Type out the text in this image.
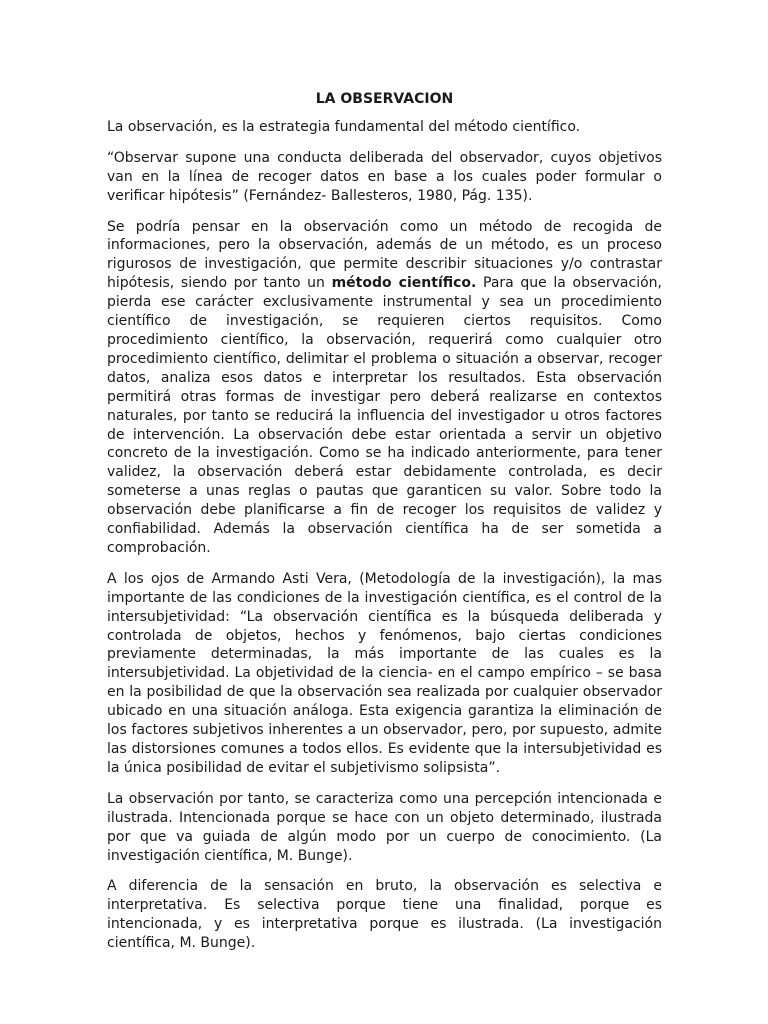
LA OBSERVACION

La observación, es la estrategia fundamental del método científico.

“Observar supone una conducta deliberada del observador, cuyos objetivos van en la línea de recoger datos en base a los cuales poder formular o verificar hipótesis” (Fernández- Ballesteros, 1980, Pág. 135).

Se podría pensar en la observación como un método de recogida de informaciones, pero la observación, además de un método, es un proceso rigurosos de investigación, que permite describir situaciones y/o contrastar hipótesis, siendo por tanto un método científico. Para que la observación, pierda ese carácter exclusivamente instrumental y sea un procedimiento científico de investigación, se requieren ciertos requisitos. Como procedimiento científico, la observación, requerirá como cualquier otro procedimiento científico, delimitar el problema o situación a observar, recoger datos, analiza esos datos e interpretar los resultados. Esta observación permitirá otras formas de investigar pero deberá realizarse en contextos naturales, por tanto se reducirá la influencia del investigador u otros factores de intervención. La observación debe estar orientada a servir un objetivo concreto de la investigación. Como se ha indicado anteriormente, para tener validez, la observación deberá estar debidamente controlada, es decir someterse a unas reglas o pautas que garanticen su valor. Sobre todo la observación debe planificarse a fin de recoger los requisitos de validez y confiabilidad. Además la observación científica ha de ser sometida a comprobación.

A los ojos de Armando Asti Vera, (Metodología de la investigación), la mas importante de las condiciones de la investigación científica, es el control de la intersubjetividad: “La observación científica es la búsqueda deliberada y controlada de objetos, hechos y fenómenos, bajo ciertas condiciones previamente determinadas, la más importante de las cuales es la intersubjetividad. La objetividad de la ciencia- en el campo empírico – se basa en la posibilidad de que la observación sea realizada por cualquier observador ubicado en una situación análoga. Esta exigencia garantiza la eliminación de los factores subjetivos inherentes a un observador, pero, por supuesto, admite las distorsiones comunes a todos ellos. Es evidente que la intersubjetividad es la única posibilidad de evitar el subjetivismo solipsista”.

La observación por tanto, se caracteriza como una percepción intencionada e ilustrada. Intencionada porque se hace con un objeto determinado, ilustrada por que va guiada de algún modo por un cuerpo de conocimiento. (La investigación científica, M. Bunge).

A diferencia de la sensación en bruto, la observación es selectiva e interpretativa. Es selectiva porque tiene una finalidad, porque es intencionada, y es interpretativa porque es ilustrada. (La investigación científica, M. Bunge).
